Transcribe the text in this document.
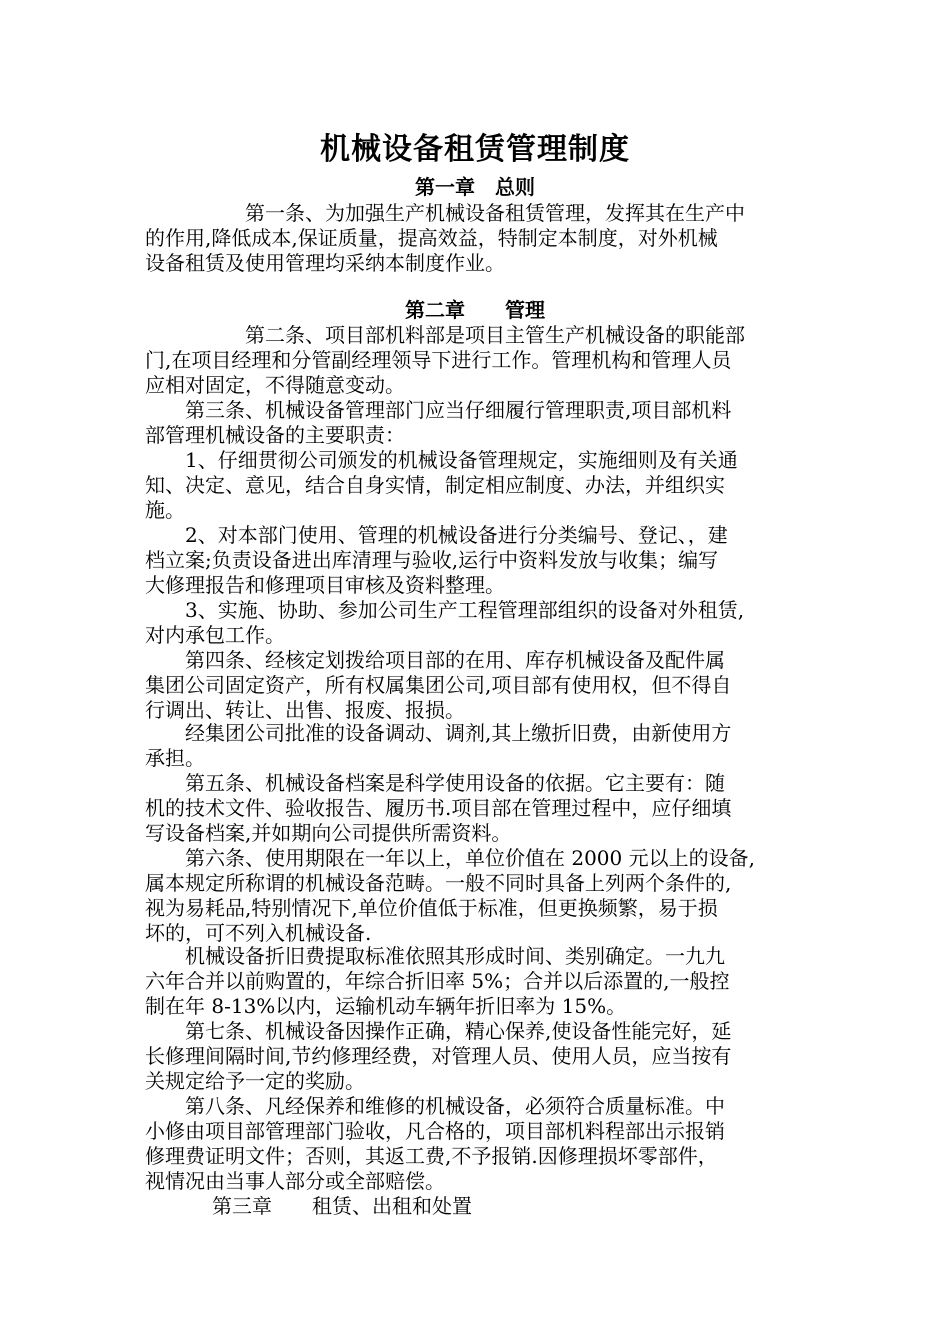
机械设备租赁管理制度
第一章　总则
　　　　　第一条、为加强生产机械设备租赁管理，发挥其在生产中
的作用,降低成本,保证质量，提高效益，特制定本制度，对外机械
设备租赁及使用管理均采纳本制度作业。
第二章　　管理
　　　　　第二条、项目部机料部是项目主管生产机械设备的职能部
门,在项目经理和分管副经理领导下进行工作。管理机构和管理人员
应相对固定，不得随意变动。
　　第三条、机械设备管理部门应当仔细履行管理职责,项目部机料
部管理机械设备的主要职责：
　　1、仔细贯彻公司颁发的机械设备管理规定，实施细则及有关通
知、决定、意见，结合自身实情，制定相应制度、办法，并组织实
施。
　　2、对本部门使用、管理的机械设备进行分类编号、登记、，建
档立案;负责设备进出库清理与验收,运行中资料发放与收集；编写
大修理报告和修理项目审核及资料整理。
　　3、实施、协助、参加公司生产工程管理部组织的设备对外租赁,
对内承包工作。
　　第四条、经核定划拨给项目部的在用、库存机械设备及配件属
集团公司固定资产，所有权属集团公司,项目部有使用权，但不得自
行调出、转让、出售、报废、报损。
　　经集团公司批准的设备调动、调剂,其上缴折旧费，由新使用方
承担。
　　第五条、机械设备档案是科学使用设备的依据。它主要有：随
机的技术文件、验收报告、履历书.项目部在管理过程中，应仔细填
写设备档案,并如期向公司提供所需资料。
　　第六条、使用期限在一年以上，单位价值在 2000 元以上的设备,
属本规定所称谓的机械设备范畴。一般不同时具备上列两个条件的,
视为易耗品,特别情况下,单位价值低于标准，但更换频繁，易于损
坏的，可不列入机械设备.
　　机械设备折旧费提取标准依照其形成时间、类别确定。一九九
六年合并以前购置的，年综合折旧率 5%；合并以后添置的,一般控
制在年 8-13%以内，运输机动车辆年折旧率为 15%。
　　第七条、机械设备因操作正确，精心保养,使设备性能完好，延
长修理间隔时间,节约修理经费，对管理人员、使用人员，应当按有
关规定给予一定的奖励。
　　第八条、凡经保养和维修的机械设备，必须符合质量标准。中
小修由项目部管理部门验收，凡合格的，项目部机料程部出示报销
修理费证明文件；否则，其返工费,不予报销.因修理损坏零部件，
视情况由当事人部分或全部赔偿。
第三章　　租赁、出租和处置
